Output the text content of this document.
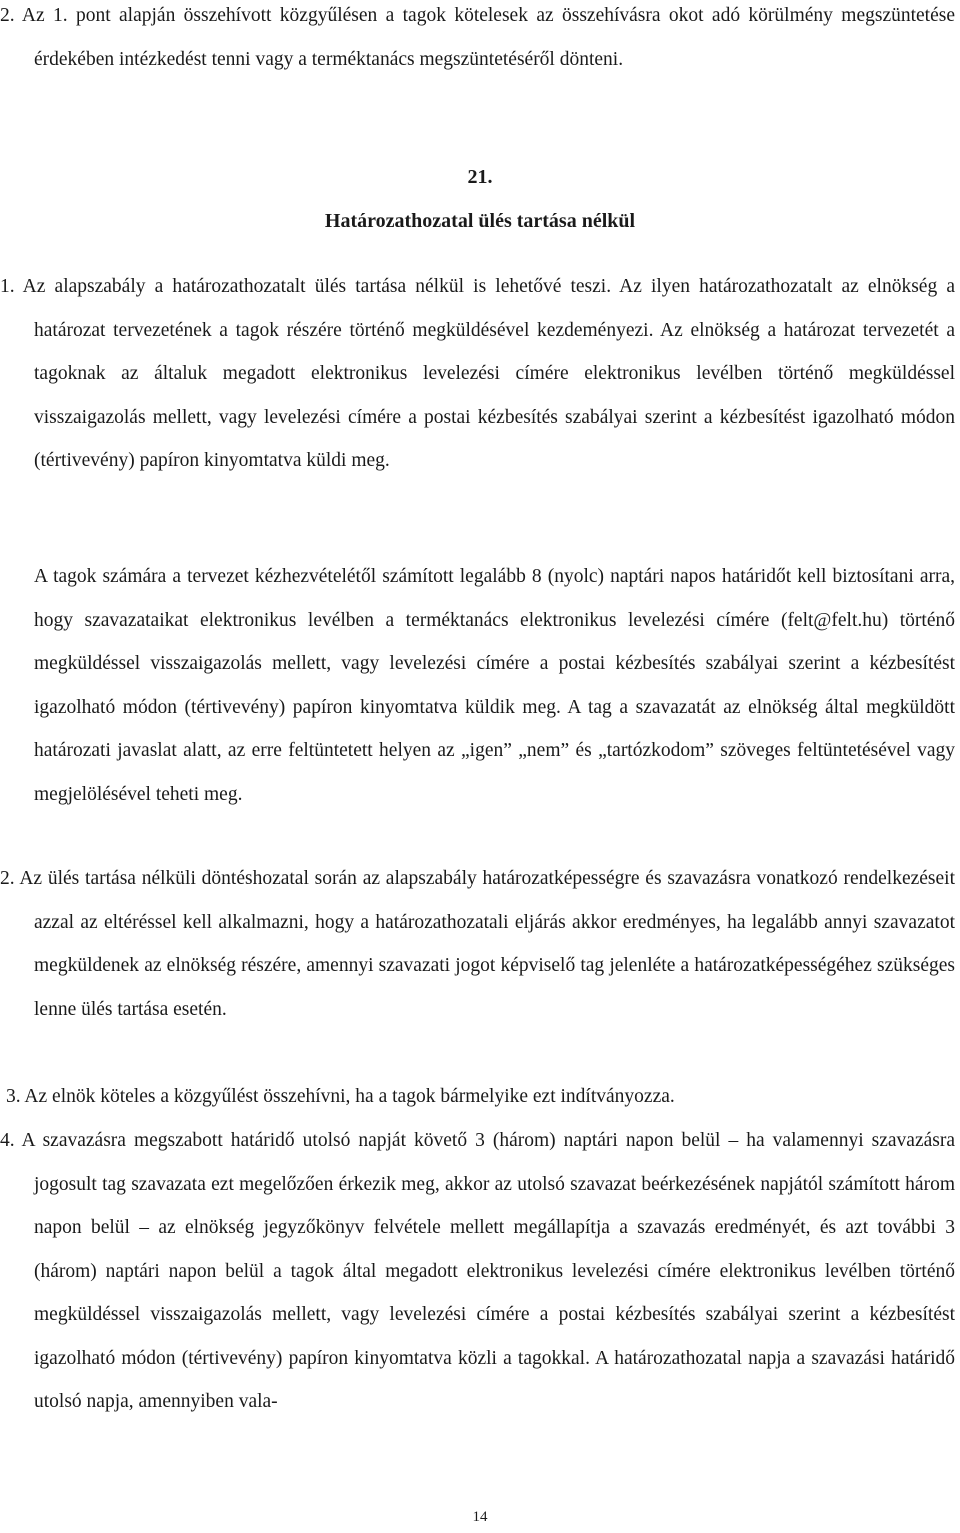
2. Az 1. pont alapján összehívott közgyűlésen a tagok kötelesek az összehívásra okot adó körülmény megszüntetése érdekében intézkedést tenni vagy a terméktanács megszüntetéséről dönteni.
21.
Határozathozatal ülés tartása nélkül
1. Az alapszabály a határozathozatalt ülés tartása nélkül is lehetővé teszi. Az ilyen határozathozatalt az elnökség a határozat tervezetének a tagok részére történő megküldésével kezdeményezi. Az elnökség a határozat tervezetét a tagoknak az általuk megadott elektronikus levelezési címére elektronikus levélben történő megküldéssel visszaigazolás mellett, vagy levelezési címére a postai kézbesítés szabályai szerint a kézbesítést igazolható módon (tértivevény) papíron kinyomtatva küldi meg.
A tagok számára a tervezet kézhezvételétől számított legalább 8 (nyolc) naptári napos határidőt kell biztosítani arra, hogy szavazataikat elektronikus levélben a terméktanács elektronikus levelezési címére (felt@felt.hu) történő megküldéssel visszaigazolás mellett, vagy levelezési címére a postai kézbesítés szabályai szerint a kézbesítést igazolható módon (tértivevény) papíron kinyomtatva küldik meg. A tag a szavazatát az elnökség által megküldött határozati javaslat alatt, az erre feltüntetett helyen az „igen” „nem” és „tartózkodom” szöveges feltüntetésével vagy megjelölésével teheti meg.
2. Az ülés tartása nélküli döntéshozatal során az alapszabály határozatképességre és szavazásra vonatkozó rendelkezéseit azzal az eltéréssel kell alkalmazni, hogy a határozathozatali eljárás akkor eredményes, ha legalább annyi szavazatot megküldenek az elnökség részére, amennyi szavazati jogot képviselő tag jelenléte a határozatképességéhez szükséges lenne ülés tartása esetén.
3. Az elnök köteles a közgyűlést összehívni, ha a tagok bármelyike ezt indítványozza.
4. A szavazásra megszabott határidő utolsó napját követő 3 (három) naptári napon belül – ha valamennyi szavazásra jogosult tag szavazata ezt megelőzően érkezik meg, akkor az utolsó szavazat beérkezésének napjától számított három napon belül – az elnökség jegyzőkönyv felvétele mellett megállapítja a szavazás eredményét, és azt további 3 (három) naptári napon belül a tagok által megadott elektronikus levelezési címére elektronikus levélben történő megküldéssel visszaigazolás mellett, vagy levelezési címére a postai kézbesítés szabályai szerint a kézbesítést igazolható módon (tértivevény) papíron kinyomtatva közli a tagokkal. A határozathozatal napja a szavazási határidő utolsó napja, amennyiben vala-
14
